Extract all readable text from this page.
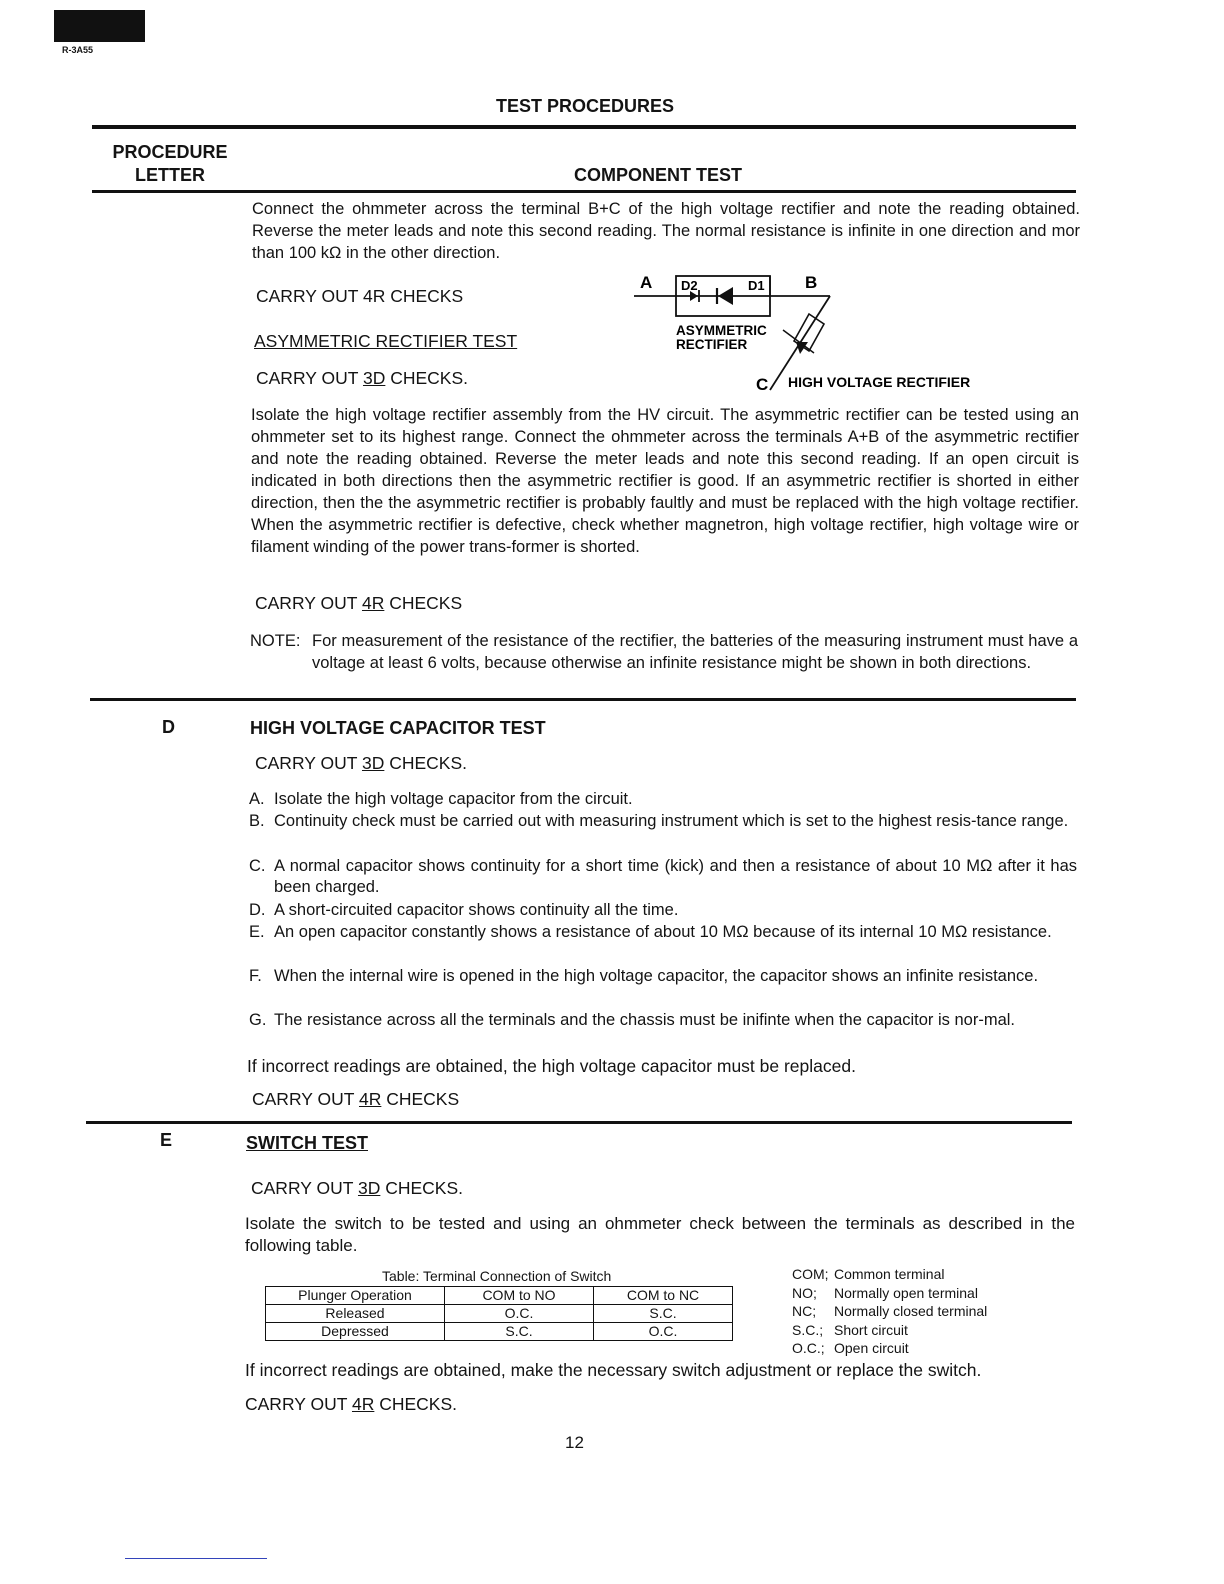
R-3A55
TEST PROCEDURES
PROCEDURE
LETTER	COMPONENT TEST
Connect the ohmmeter across the terminal B+C of the high voltage rectifier and note the reading obtained. Reverse the meter leads and note this second reading. The normal resistance is infinite in one direction and mor than 100 kΩ in the other direction.
CARRY OUT 4R CHECKS
ASYMMETRIC RECTIFIER TEST
CARRY OUT 3D CHECKS.
A	B
D2	D1
ASYMMETRIC
RECTIFIER
C HIGH VOLTAGE RECTIFIER
Isolate the high voltage rectifier assembly from the HV circuit. The asymmetric rectifier can be tested using an ohmmeter set to its highest range. Connect the ohmmeter across the terminals A+B of the asymmetric rectifier and note the reading obtained. Reverse the meter leads and note this second reading. If an open circuit is indicated in both directions then the asymmetric rectifier is good. If an asymmetric rectifier is shorted in either direction, then the the asymmetric rectifier is probably faultly and must be replaced with the high voltage rectifier. When the asymmetric rectifier is defective, check whether magnetron, high voltage rectifier, high voltage wire or filament winding of the power trans-former is shorted.
CARRY OUT 4R CHECKS
NOTE: For measurement of the resistance of the rectifier, the batteries of the measuring instrument must have a voltage at least 6 volts, because otherwise an infinite resistance might be shown in both directions.
D	HIGH VOLTAGE CAPACITOR TEST
CARRY OUT 3D CHECKS.
A. Isolate the high voltage capacitor from the circuit.
B. Continuity check must be carried out with measuring instrument which is set to the highest resis-tance range.
C. A normal capacitor shows continuity for a short time (kick) and then a resistance of about 10 MΩ after it has been charged.
D. A short-circuited capacitor shows continuity all the time.
E. An open capacitor constantly shows a resistance of about 10 MΩ because of its internal 10 MΩ resistance.
F. When the internal wire is opened in the high voltage capacitor, the capacitor shows an infinite resistance.
G. The resistance across all the terminals and the chassis must be inifinte when the capacitor is nor-mal.
If incorrect readings are obtained, the high voltage capacitor must be replaced.
CARRY OUT 4R CHECKS
E	SWITCH TEST
CARRY OUT 3D CHECKS.
Isolate the switch to be tested and using an ohmmeter check between the terminals as described in the following table.
Table: Terminal Connection of Switch
Plunger Operation	COM to NO	COM to NC
Released	O.C.	S.C.
Depressed	S.C.	O.C.
COM; Common terminal
NO; Normally open terminal
NC; Normally closed terminal
S.C.; Short circuit
O.C.; Open circuit
If incorrect readings are obtained, make the necessary switch adjustment or replace the switch.
CARRY OUT 4R CHECKS.
12
